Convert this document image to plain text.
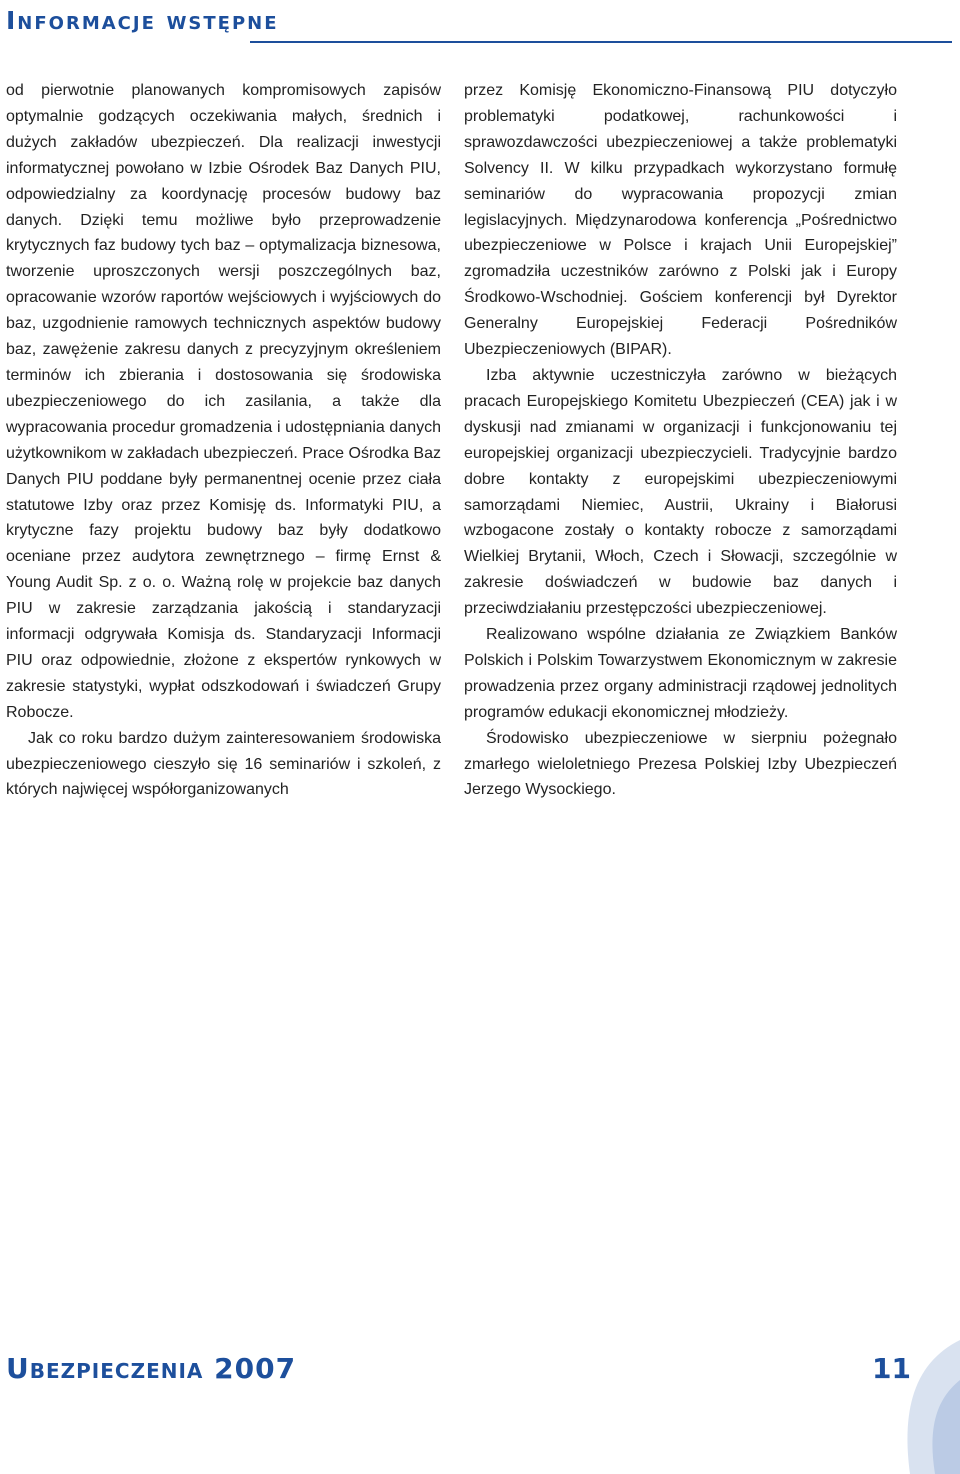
Informacje wstępne

od pierwotnie planowanych kompromisowych zapisów optymalnie godzących oczekiwania małych, średnich i dużych zakładów ubezpieczeń. Dla realizacji inwestycji informatycznej powołano w Izbie Ośrodek Baz Danych PIU, odpowiedzialny za koordynację procesów budowy baz danych. Dzięki temu możliwe było przeprowadzenie krytycznych faz budowy tych baz – optymalizacja biznesowa, tworzenie uproszczonych wersji poszczególnych baz, opracowanie wzorów raportów wejściowych i wyjściowych do baz, uzgodnienie ramowych technicznych aspektów budowy baz, zawężenie zakresu danych z precyzyjnym określeniem terminów ich zbierania i dostosowania się środowiska ubezpieczeniowego do ich zasilania, a także dla wypracowania procedur gromadzenia i udostępniania danych użytkownikom w zakładach ubezpieczeń. Prace Ośrodka Baz Danych PIU poddane były permanentnej ocenie przez ciała statutowe Izby oraz przez Komisję ds. Informatyki PIU, a krytyczne fazy projektu budowy baz były dodatkowo oceniane przez audytora zewnętrznego – firmę Ernst & Young Audit Sp. z o. o. Ważną rolę w projekcie baz danych PIU w zakresie zarządzania jakością i standaryzacji informacji odgrywała Komisja ds. Standaryzacji Informacji PIU oraz odpowiednie, złożone z ekspertów rynkowych w zakresie statystyki, wypłat odszkodowań i świadczeń Grupy Robocze.

Jak co roku bardzo dużym zainteresowaniem środowiska ubezpieczeniowego cieszyło się 16 seminariów i szkoleń, z których najwięcej współorganizowanych

przez Komisję Ekonomiczno-Finansową PIU dotyczyło problematyki podatkowej, rachunkowości i sprawozdawczości ubezpieczeniowej a także problematyki Solvency II. W kilku przypadkach wykorzystano formułę seminariów do wypracowania propozycji zmian legislacyjnych. Międzynarodowa konferencja „Pośrednictwo ubezpieczeniowe w Polsce i krajach Unii Europejskiej” zgromadziła uczestników zarówno z Polski jak i Europy Środkowo-Wschodniej. Gościem konferencji był Dyrektor Generalny Europejskiej Federacji Pośredników Ubezpieczeniowych (BIPAR).

Izba aktywnie uczestniczyła zarówno w bieżących pracach Europejskiego Komitetu Ubezpieczeń (CEA) jak i w dyskusji nad zmianami w organizacji i funkcjonowaniu tej europejskiej organizacji ubezpieczycieli. Tradycyjnie bardzo dobre kontakty z europejskimi ubezpieczeniowymi samorządami Niemiec, Austrii, Ukrainy i Białorusi wzbogacone zostały o kontakty robocze z samorządami Wielkiej Brytanii, Włoch, Czech i Słowacji, szczególnie w zakresie doświadczeń w budowie baz danych i przeciwdziałaniu przestępczości ubezpieczeniowej.

Realizowano wspólne działania ze Związkiem Banków Polskich i Polskim Towarzystwem Ekonomicznym w zakresie prowadzenia przez organy administracji rządowej jednolitych programów edukacji ekonomicznej młodzieży.

Środowisko ubezpieczeniowe w sierpniu pożegnało zmarłego wieloletniego Prezesa Polskiej Izby Ubezpieczeń Jerzego Wysockiego.

Ubezpieczenia 2007	11
